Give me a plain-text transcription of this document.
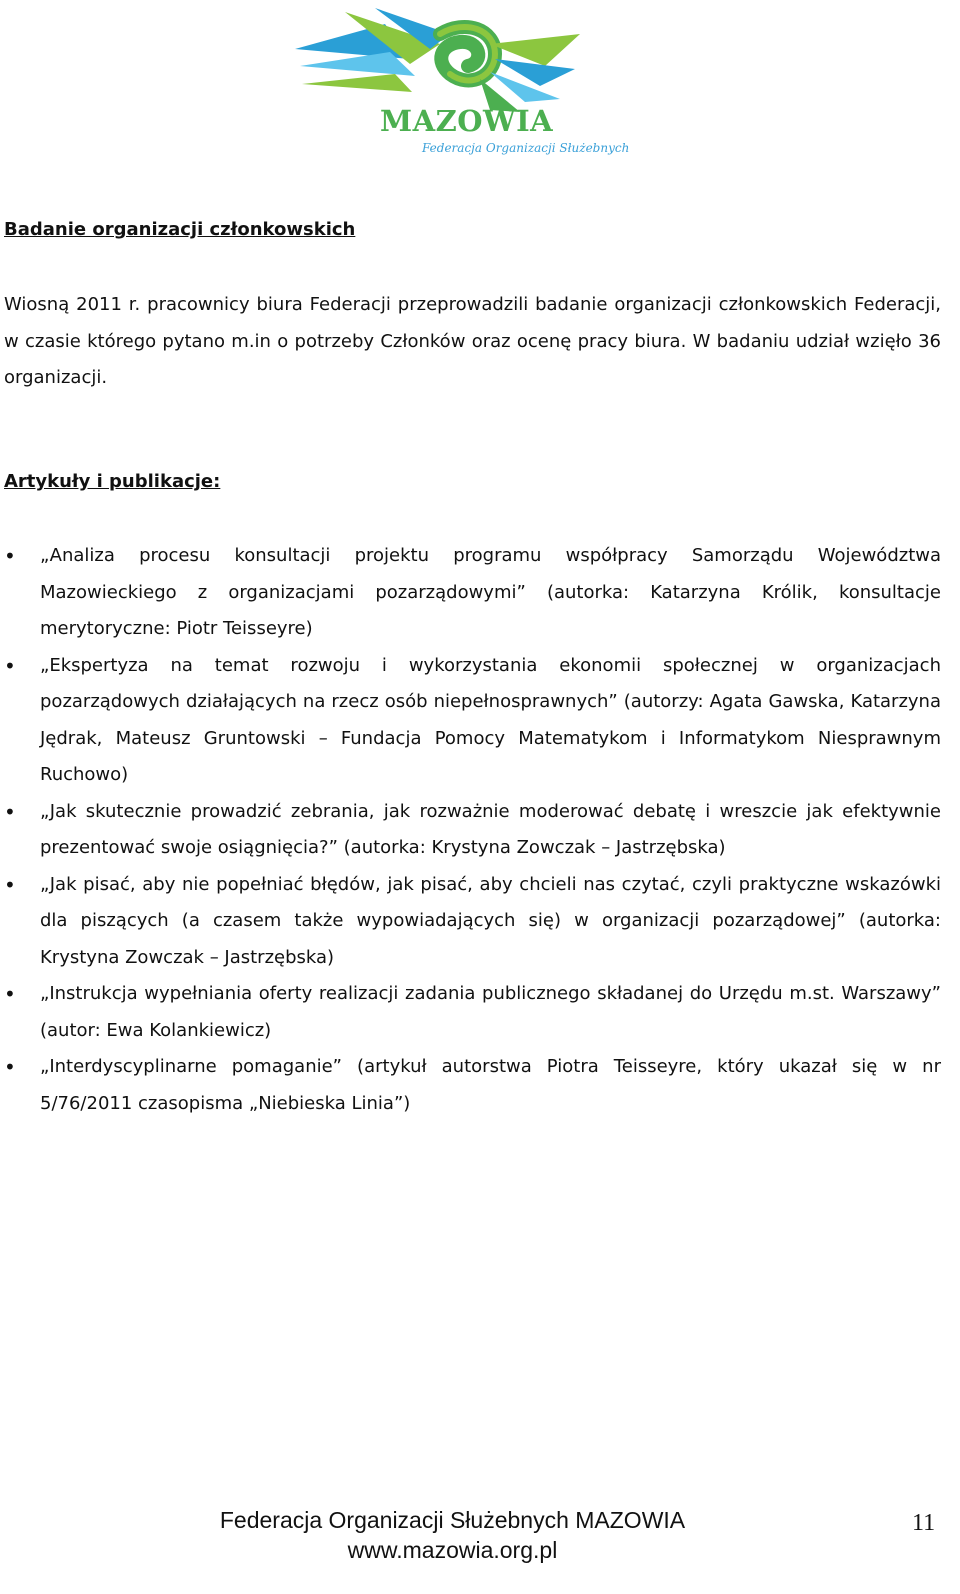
MAZOWIA
Federacja Organizacji Służebnych
Badanie organizacji członkowskich
Wiosną 2011 r. pracownicy biura Federacji przeprowadzili badanie organizacji członkowskich Federacji, w czasie którego pytano m.in o potrzeby Członków oraz ocenę pracy biura. W badaniu udział wzięło 36 organizacji.
Artykuły i publikacje:
• „Analiza procesu konsultacji projektu programu współpracy Samorządu Województwa Mazowieckiego z organizacjami pozarządowymi” (autorka: Katarzyna Królik, konsultacje merytoryczne: Piotr Teisseyre)
• „Ekspertyza na temat rozwoju i wykorzystania ekonomii społecznej w organizacjach pozarządowych działających na rzecz osób niepełnosprawnych” (autorzy: Agata Gawska, Katarzyna Jędrak, Mateusz Gruntowski – Fundacja Pomocy Matematykom i Informatykom Niesprawnym Ruchowo)
• „Jak skutecznie prowadzić zebrania, jak rozważnie moderować debatę i wreszcie jak efektywnie prezentować swoje osiągnięcia?” (autorka: Krystyna Zowczak – Jastrzębska)
• „Jak pisać, aby nie popełniać błędów, jak pisać, aby chcieli nas czytać, czyli praktyczne wskazówki dla piszących (a czasem także wypowiadających się) w organizacji pozarządowej” (autorka: Krystyna Zowczak – Jastrzębska)
• „Instrukcja wypełniania oferty realizacji zadania publicznego składanej do Urzędu m.st. Warszawy” (autor: Ewa Kolankiewicz)
• „Interdyscyplinarne pomaganie” (artykuł autorstwa Piotra Teisseyre, który ukazał się w nr 5/76/2011 czasopisma „Niebieska Linia”)
Federacja Organizacji Służebnych MAZOWIA
www.mazowia.org.pl
11
